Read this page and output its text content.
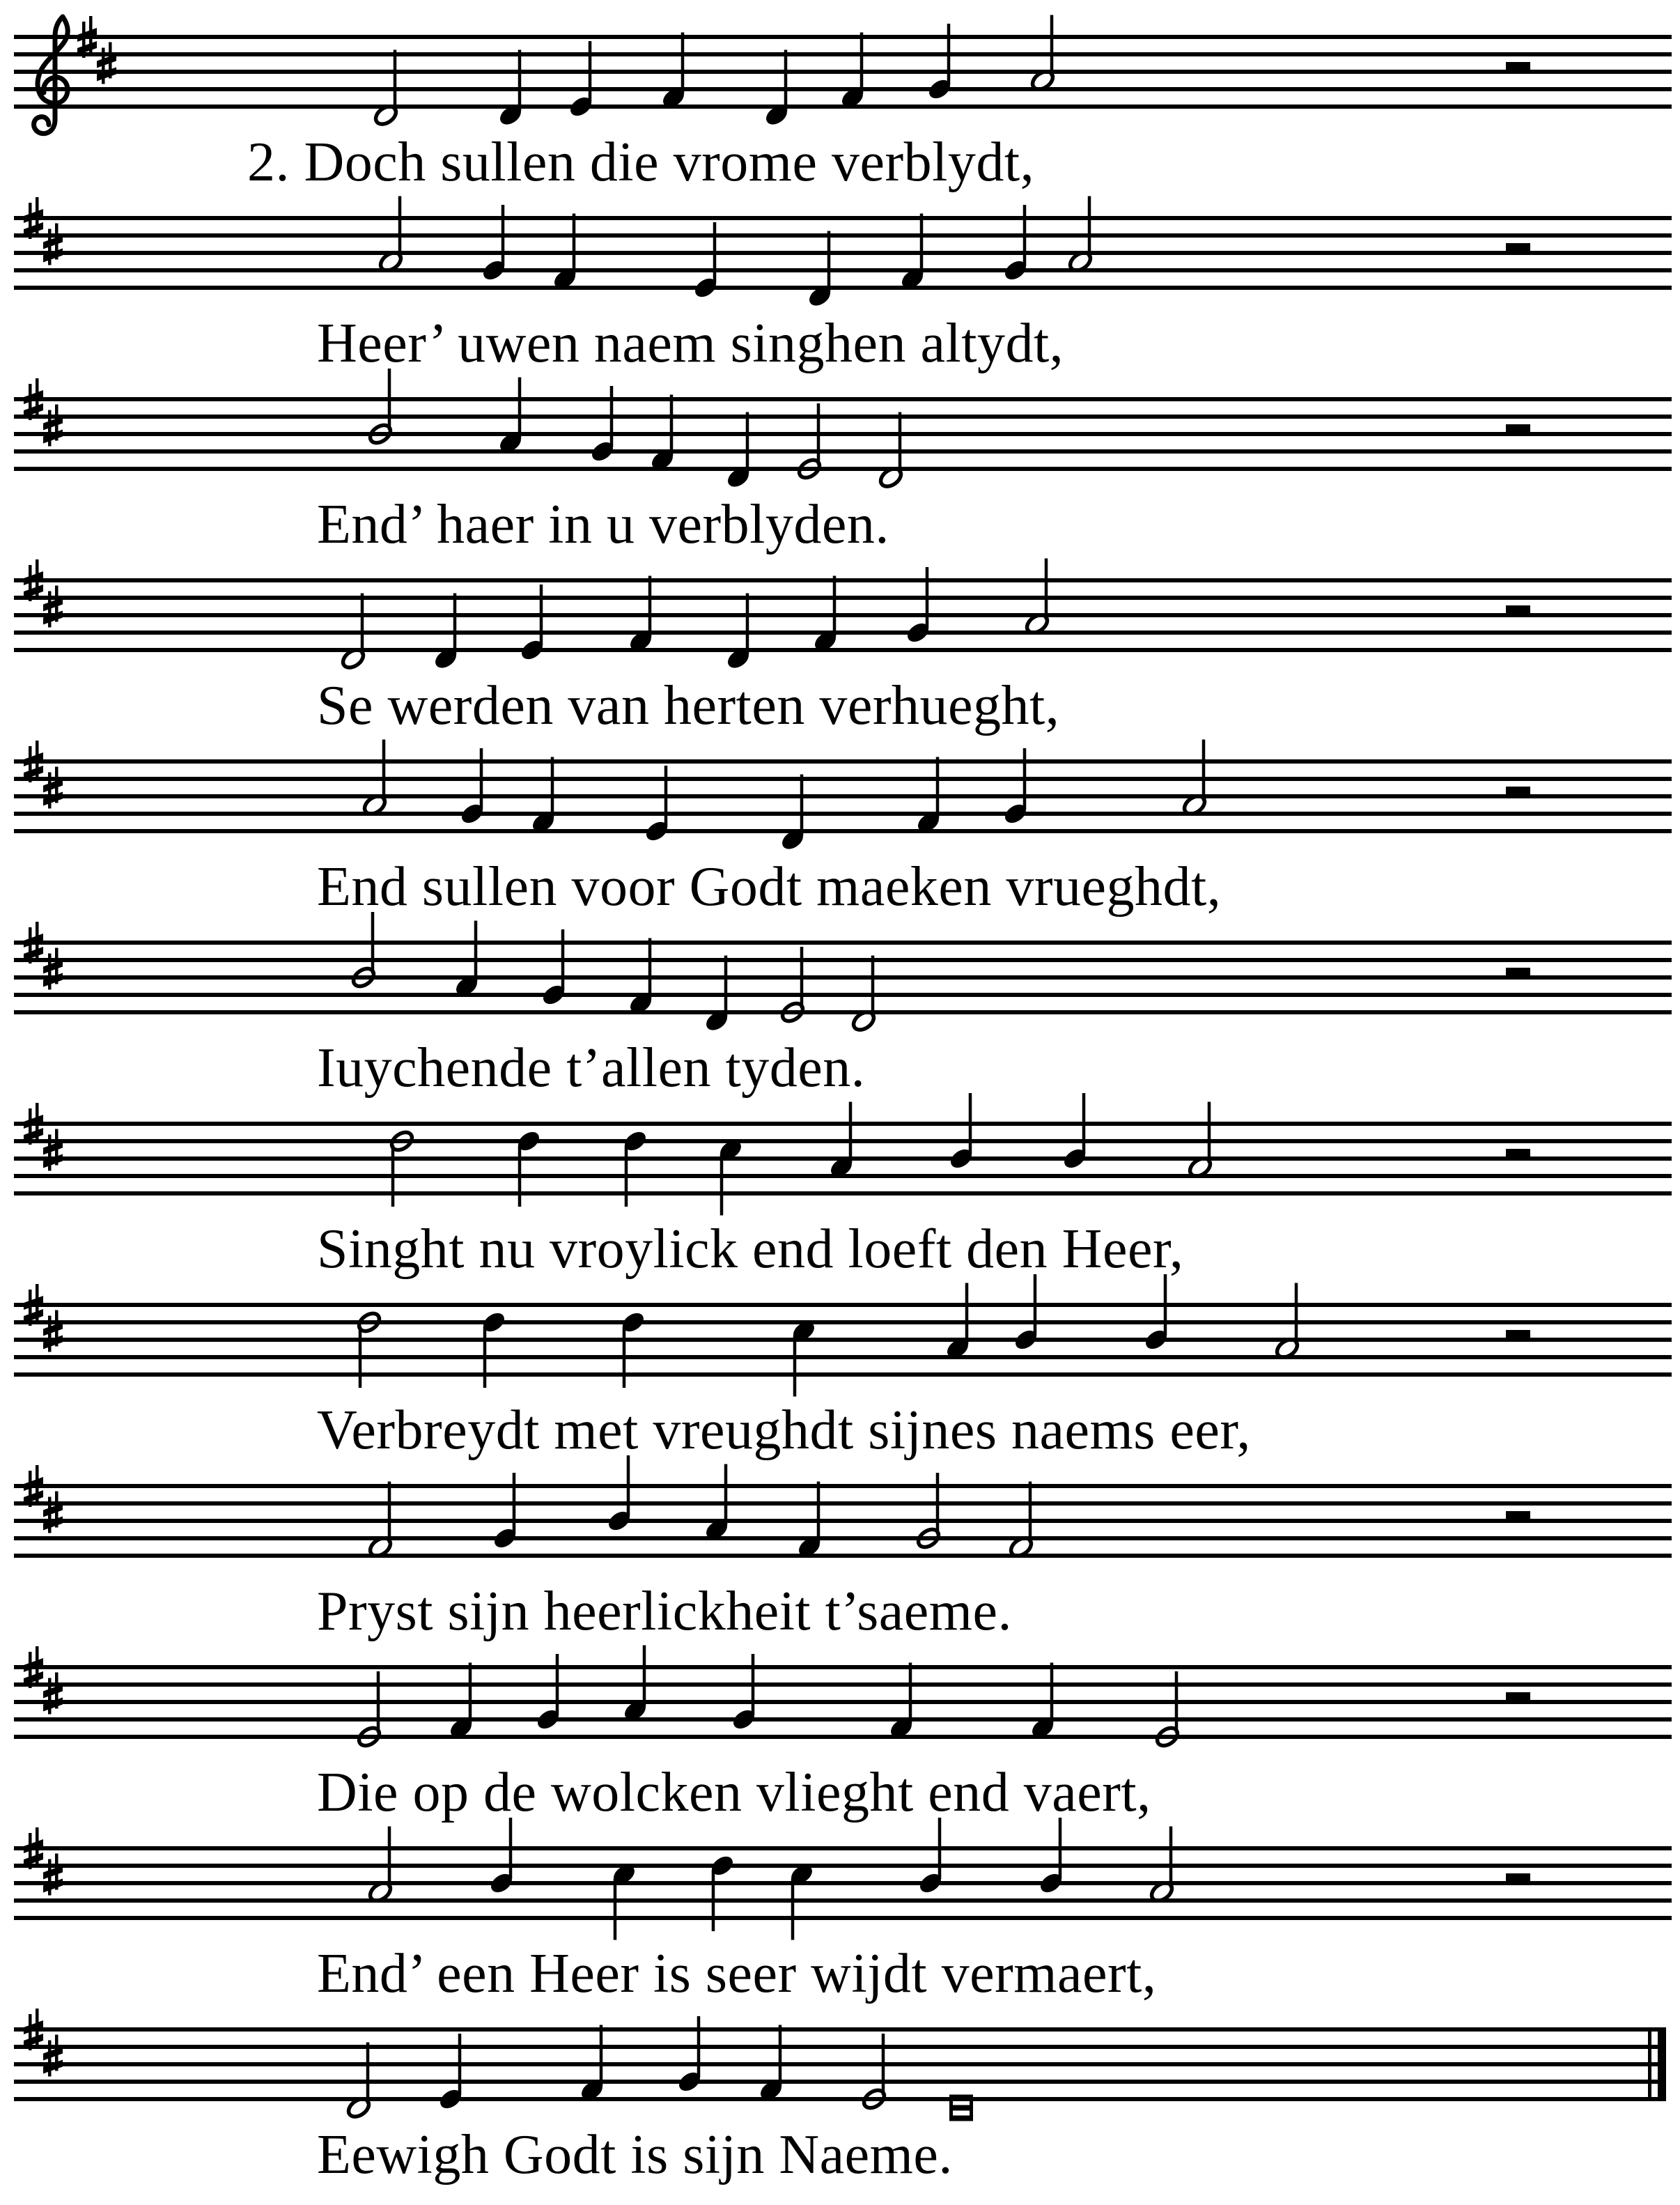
2. Doch sullen die vrome verblydt,
Heer’ uwen naem singhen altydt,
End’ haer in u verblyden.
Se werden van herten verhueght,
End sullen voor Godt maeken vrueghdt,
Iuychende t’allen tyden.
Singht nu vroylick end loeft den Heer,
Verbreydt met vreughdt sijnes naems eer,
Pryst sijn heerlickheit t’saeme.
Die op de wolcken vlieght end vaert,
End’ een Heer is seer wijdt vermaert,
Eewigh Godt is sijn Naeme.
